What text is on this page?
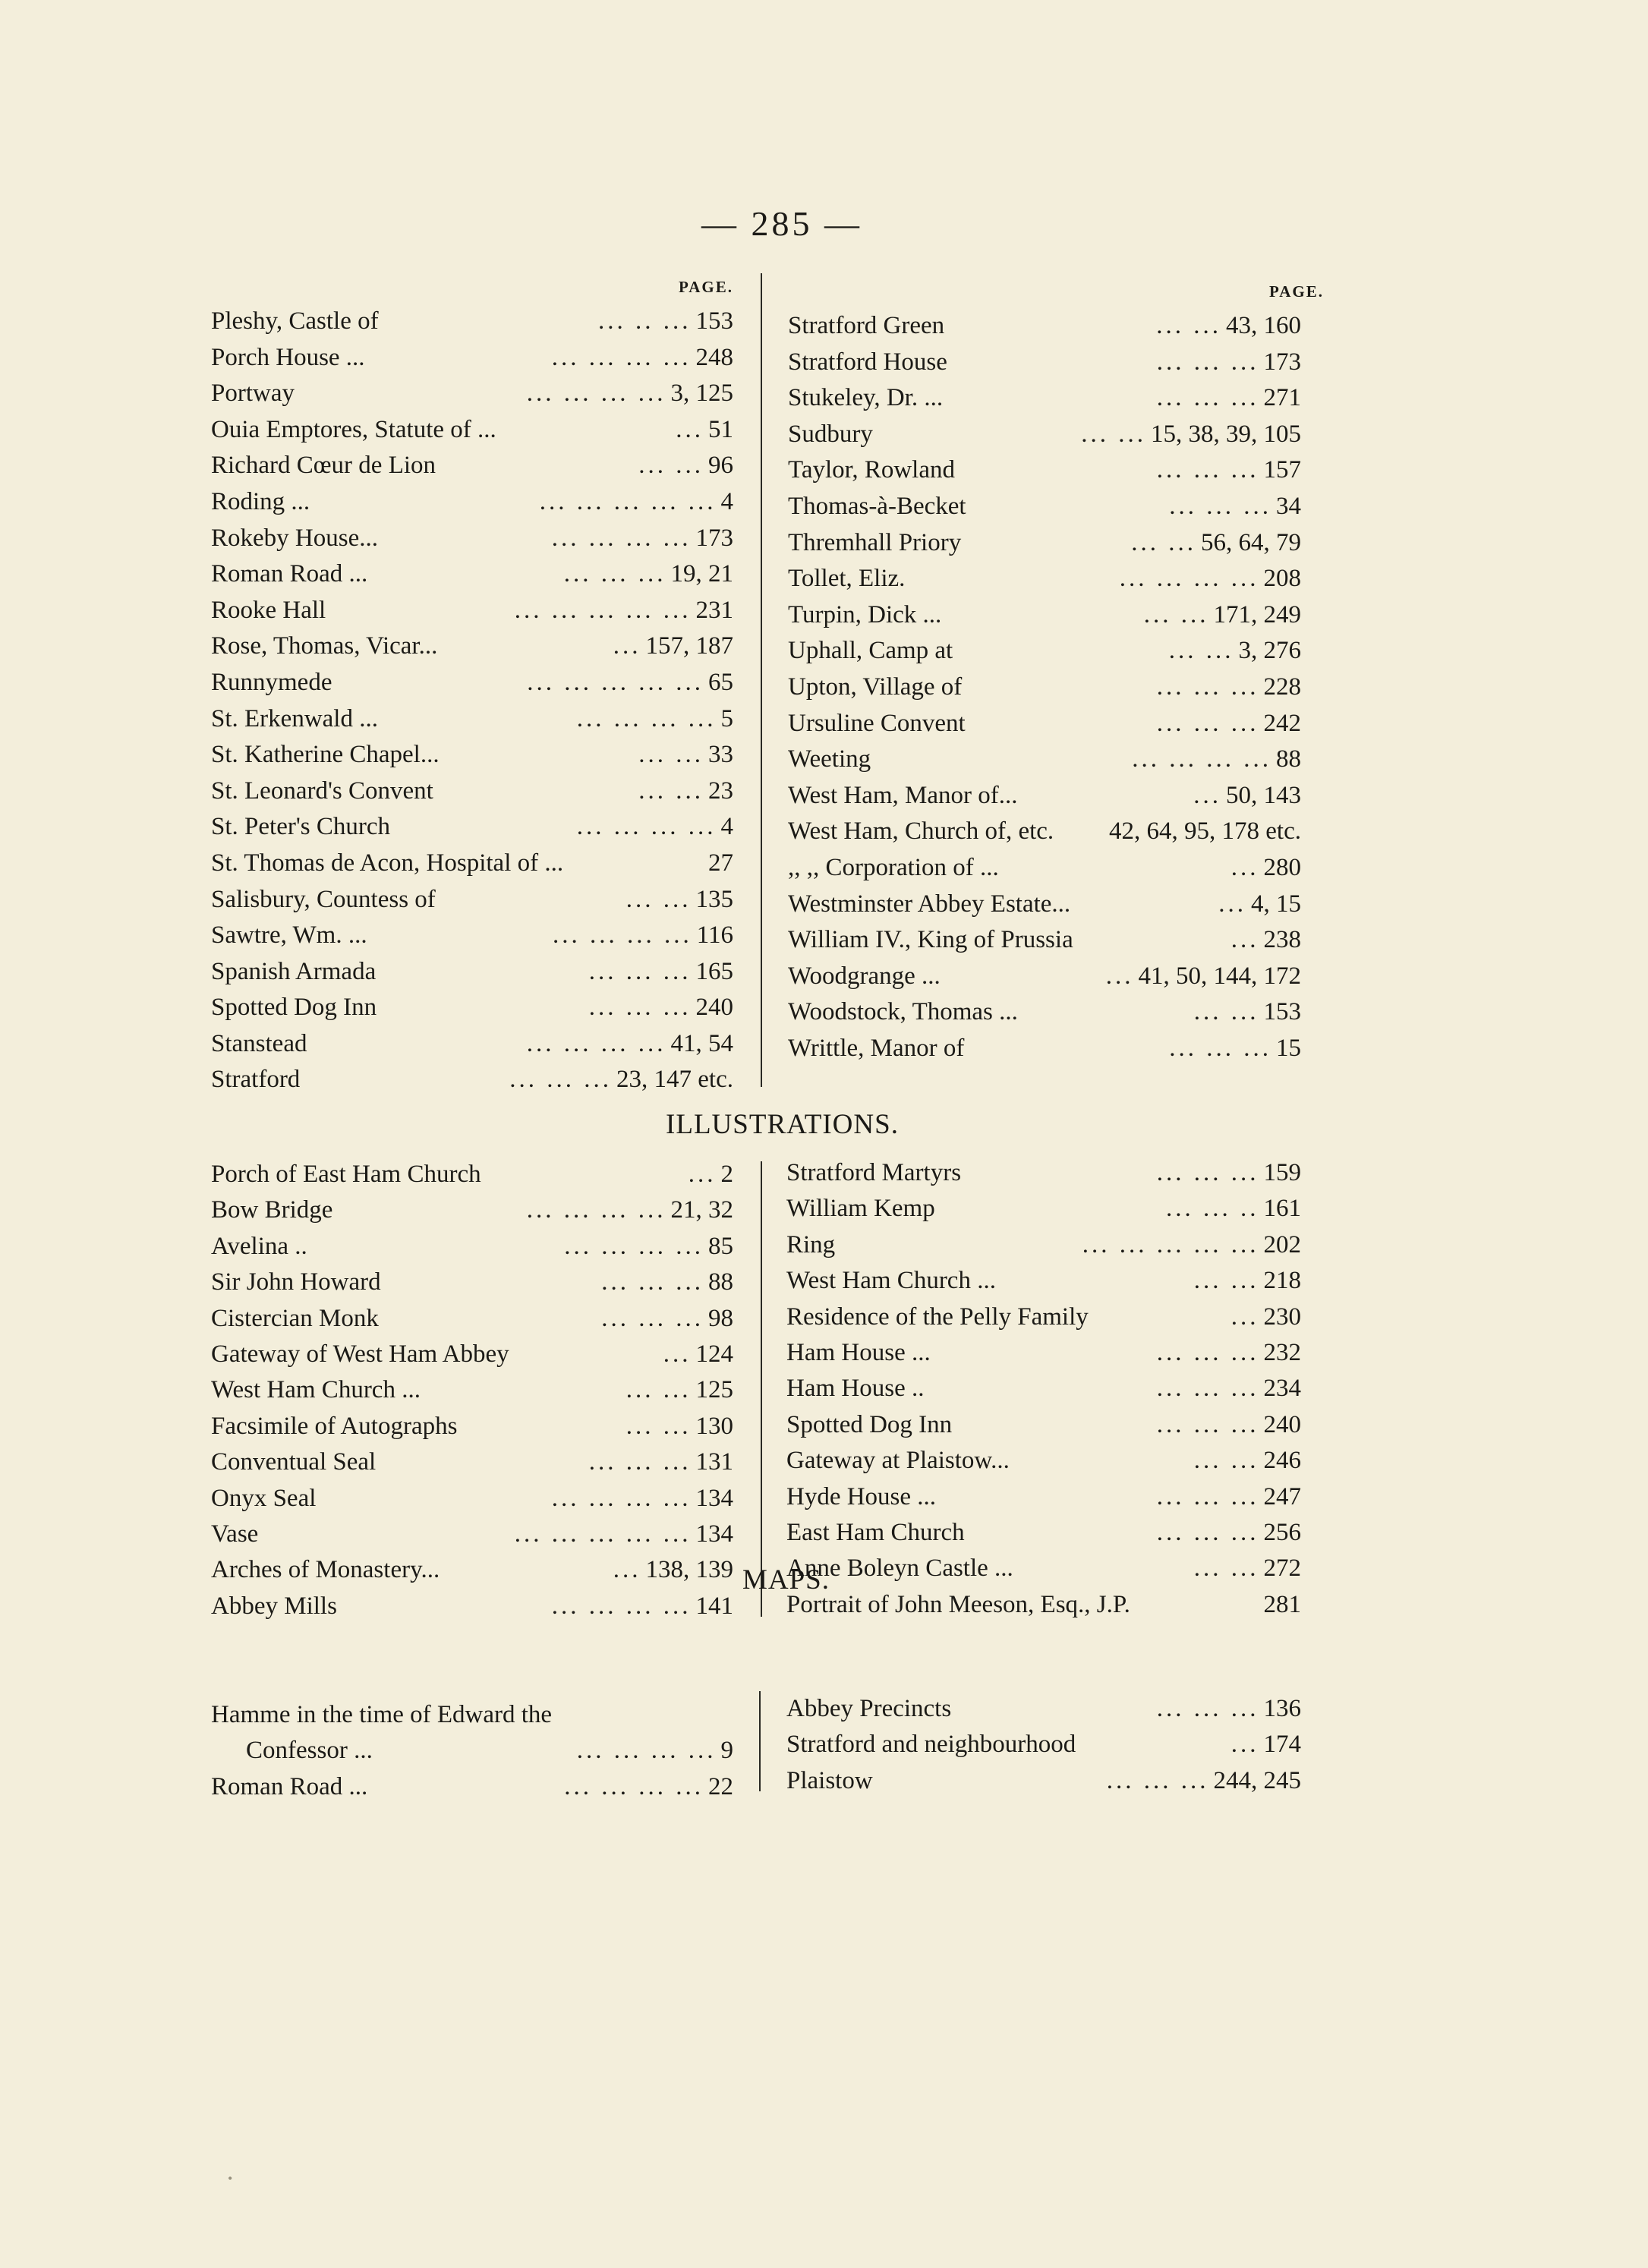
— 285 —
PAGE.
Pleshy, Castle of	... .. ... 153
Porch House ...	... ... ... ... 248
Portway	... ... ... ... 3, 125
Ouia Emptores, Statute of ...	... 51
Richard Cœur de Lion	... ... 96
Roding ...	... ... ... ... ... 4
Rokeby House...	... ... ... ... 173
Roman Road ...	... ... ... 19, 21
Rooke Hall	... ... ... ... ... 231
Rose, Thomas, Vicar...	... 157, 187
Runnymede	... ... ... ... ... 65
St. Erkenwald ...	... ... ... ... 5
St. Katherine Chapel...	... ... 33
St. Leonard's Convent	... ... 23
St. Peter's Church	... ... ... ... 4
St. Thomas de Acon, Hospital of ...	27
Salisbury, Countess of	... ... 135
Sawtre, Wm. ...	... ... ... ... 116
Spanish Armada	... ... ... 165
Spotted Dog Inn	... ... ... 240
Stanstead	... ... ... ... 41, 54
Stratford	... ... ... 23, 147 etc.
PAGE.
Stratford Green	... ... 43, 160
Stratford House	... ... ... 173
Stukeley, Dr. ...	... ... ... 271
Sudbury	... ... 15, 38, 39, 105
Taylor, Rowland	... ... ... 157
Thomas-à-Becket	... ... ... 34
Thremhall Priory	... ... 56, 64, 79
Tollet, Eliz.	... ... ... ... 208
Turpin, Dick ...	... ... 171, 249
Uphall, Camp at	... ... 3, 276
Upton, Village of	... ... ... 228
Ursuline Convent	... ... ... 242
Weeting	... ... ... ... 88
West Ham, Manor of...	... 50, 143
West Ham, Church of, etc. 42, 64, 95, 178 etc.
,, ,, Corporation of ...	... 280
Westminster Abbey Estate...	... 4, 15
William IV., King of Prussia	... 238
Woodgrange ...	... 41, 50, 144, 172
Woodstock, Thomas ...	... ... 153
Writtle, Manor of	... ... ... 15
ILLUSTRATIONS.
Porch of East Ham Church	... 2
Bow Bridge	... ... ... ... 21, 32
Avelina ..	... ... ... ... 85
Sir John Howard	... ... ... 88
Cistercian Monk	... ... ... 98
Gateway of West Ham Abbey	... 124
West Ham Church ...	... ... 125
Facsimile of Autographs	... ... 130
Conventual Seal	... ... ... 131
Onyx Seal	... ... ... ... 134
Vase	... ... ... ... ... 134
Arches of Monastery...	... 138, 139
Abbey Mills	... ... ... ... 141
Stratford Martyrs	... ... ... 159
William Kemp	... ... .. 161
Ring	... ... ... ... ... 202
West Ham Church ...	... ... 218
Residence of the Pelly Family	... 230
Ham House ...	... ... ... 232
Ham House ..	... ... ... 234
Spotted Dog Inn	... ... ... 240
Gateway at Plaistow...	... ... 246
Hyde House ...	... ... ... 247
East Ham Church	... ... ... 256
Anne Boleyn Castle ...	... ... 272
Portrait of John Meeson, Esq., J.P.	281
MAPS.
Hamme in the time of Edward the
Confessor ...	... ... ... ... 9
Roman Road ...	... ... ... ... 22
Abbey Precincts	... ... ... 136
Stratford and neighbourhood	... 174
Plaistow	... ... ... 244, 245
•
